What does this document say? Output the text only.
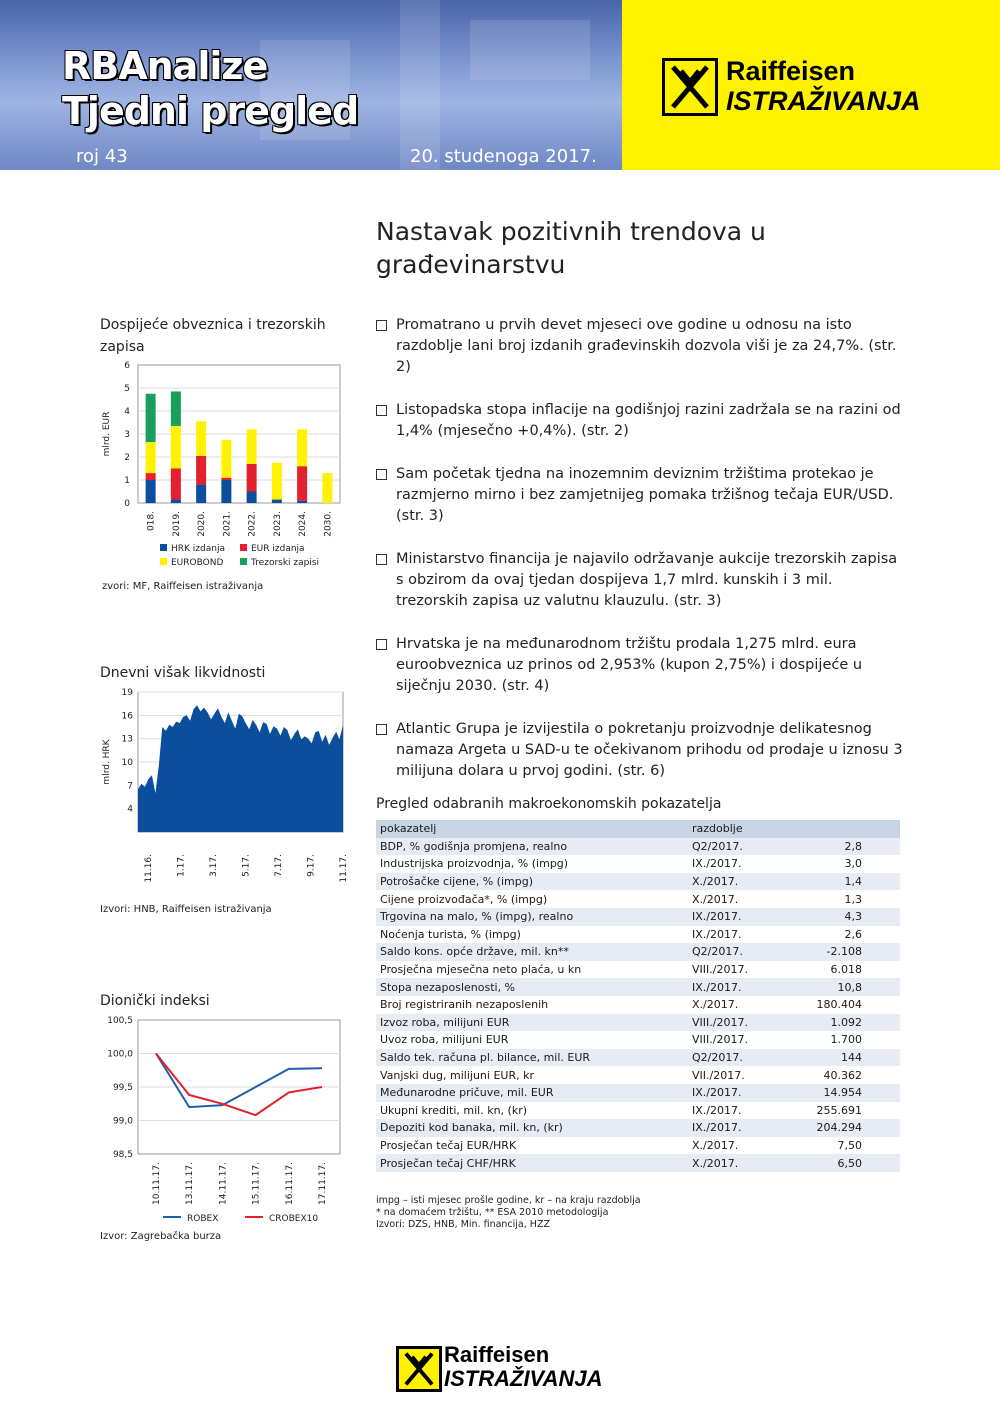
RBAnalize
Tjedni pregled
roj 43	20. studenoga 2017.
Raiffeisen
ISTRAŽIVANJA
Nastavak pozitivnih trendova u građevinarstvu
Promatrano u prvih devet mjeseci ove godine u odnosu na isto razdoblje lani broj izdanih građevinskih dozvola viši je za 24,7%. (str. 2)
Listopadska stopa inflacije na godišnjoj razini zadržala se na razini od 1,4% (mjesečno +0,4%). (str. 2)
Sam početak tjedna na inozemnim deviznim tržištima protekao je razmjerno mirno i bez zamjetnijeg pomaka tržišnog tečaja EUR/USD. (str. 3)
Ministarstvo financija je najavilo održavanje aukcije trezorskih zapisa s obzirom da ovaj tjedan dospijeva 1,7 mlrd. kunskih i 3 mil. trezorskih zapisa uz valutnu klauzulu. (str. 3)
Hrvatska je na međunarodnom tržištu prodala 1,275 mlrd. eura euroobveznica uz prinos od 2,953% (kupon 2,75%) i dospijeće u siječnju 2030. (str. 4)
Atlantic Grupa je izvijestila o pokretanju proizvodnje delikatesnog namaza Argeta u SAD-u te očekivanom prihodu od prodaje u iznosu 3 milijuna dolara u prvoj godini. (str. 6)
Dospijeće obveznica i trezorskih zapisa
0
1
2
3
4
5
6
mlrd. EUR
018. 2019. 2020. 2021. 2022. 2023. 2024. 2030.
HRK izdanja	EUR izdanja
EUROBOND	Trezorski zapisi
zvori: MF, Raiffeisen istraživanja
Dnevni višak likvidnosti
4
7
10
13
16
19
mlrd. HRK
11.16.	1.17.	3.17.	5.17.	7.17.	9.17.	11.17.
Izvori: HNB, Raiffeisen istraživanja
Dionički indeksi
98,5
99,0
99,5
100,0
100,5
10.11.17.	13.11.17.	14.11.17.	15.11.17.	16.11.17.	17.11.17.
ROBEX	CROBEX10
Izvor: Zagrebačka burza
Pregled odabranih makroekonomskih pokazatelja
pokazatelj	razdoblje	
BDP, % godišnja promjena, realno	Q2/2017.	2,8
Industrijska proizvodnja, % (impg)	IX./2017.	3,0
Potrošačke cijene, % (impg)	X./2017.	1,4
Cijene proizvođača*, % (impg)	X./2017.	1,3
Trgovina na malo, % (impg), realno	IX./2017.	4,3
Noćenja turista, % (impg)	IX./2017.	2,6
Saldo kons. opće države, mil. kn**	Q2/2017.	-2.108
Prosječna mjesečna neto plaća, u kn	VIII./2017.	6.018
Stopa nezaposlenosti, %	IX./2017.	10,8
Broj registriranih nezaposlenih	X./2017.	180.404
Izvoz roba, milijuni EUR	VIII./2017.	1.092
Uvoz roba, milijuni EUR	VIII./2017.	1.700
Saldo tek. računa pl. bilance, mil. EUR	Q2/2017.	144
Vanjski dug, milijuni EUR, kr	VII./2017.	40.362
Međunarodne pričuve, mil. EUR	IX./2017.	14.954
Ukupni krediti, mil. kn, (kr)	IX./2017.	255.691
Depoziti kod banaka, mil. kn, (kr)	IX./2017.	204.294
Prosječan tečaj EUR/HRK	X./2017.	7,50
Prosječan tečaj CHF/HRK	X./2017.	6,50
impg – isti mjesec prošle godine, kr – na kraju razdoblja
* na domaćem tržištu, ** ESA 2010 metodologija
Izvori: DZS, HNB, Min. financija, HZZ
Raiffeisen
ISTRAŽIVANJA
